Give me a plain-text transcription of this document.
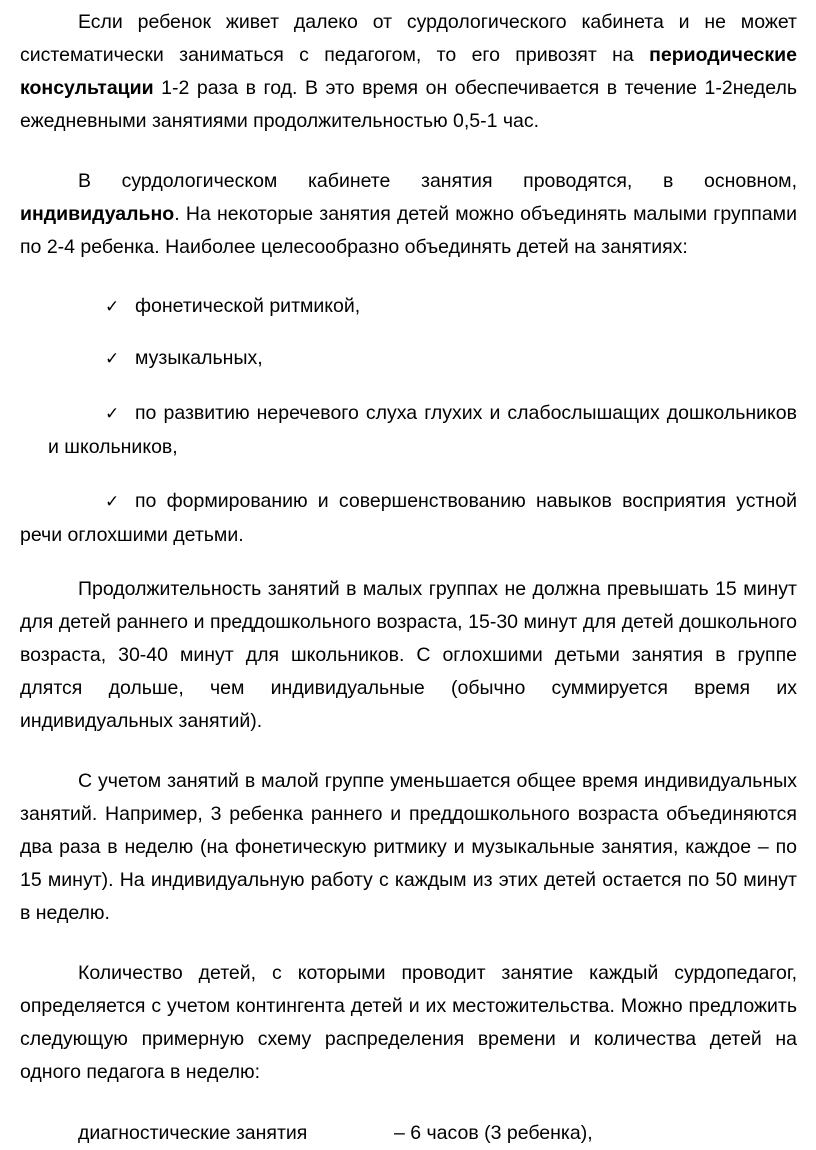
Если ребенок живет далеко от сурдологического кабинета и не может систематически заниматься с педагогом, то его привозят на периодические консультации 1-2 раза в год. В это время он обеспечивается в течение 1-2недель ежедневными занятиями продолжительностью 0,5-1 час.

В сурдологическом кабинете занятия проводятся, в основном, индивидуально. На некоторые занятия детей можно объединять малыми группами по 2-4 ребенка. Наиболее целесообразно объединять детей на занятиях:

✓ фонетической ритмикой,

✓ музыкальных,

✓ по развитию неречевого слуха глухих и слабослышащих дошкольников и школьников,

✓ по формированию и совершенствованию навыков восприятия устной речи оглохшими детьми.

Продолжительность занятий в малых группах не должна превышать 15 минут для детей раннего и преддошкольного возраста, 15-30 минут для детей дошкольного возраста, 30-40 минут для школьников. С оглохшими детьми занятия в группе длятся дольше, чем индивидуальные (обычно суммируется время их индивидуальных занятий).

С учетом занятий в малой группе уменьшается общее время индивидуальных занятий. Например, 3 ребенка раннего и преддошкольного возраста объединяются два раза в неделю (на фонетическую ритмику и музыкальные занятия, каждое – по 15 минут). На индивидуальную работу с каждым из этих детей остается по 50 минут в неделю.

Количество детей, с которыми проводит занятие каждый сурдопедагог, определяется с учетом контингента детей и их местожительства. Можно предложить следующую примерную схему распределения времени и количества детей на одного педагога в неделю:

диагностические занятия	– 6 часов (3 ребенка),
